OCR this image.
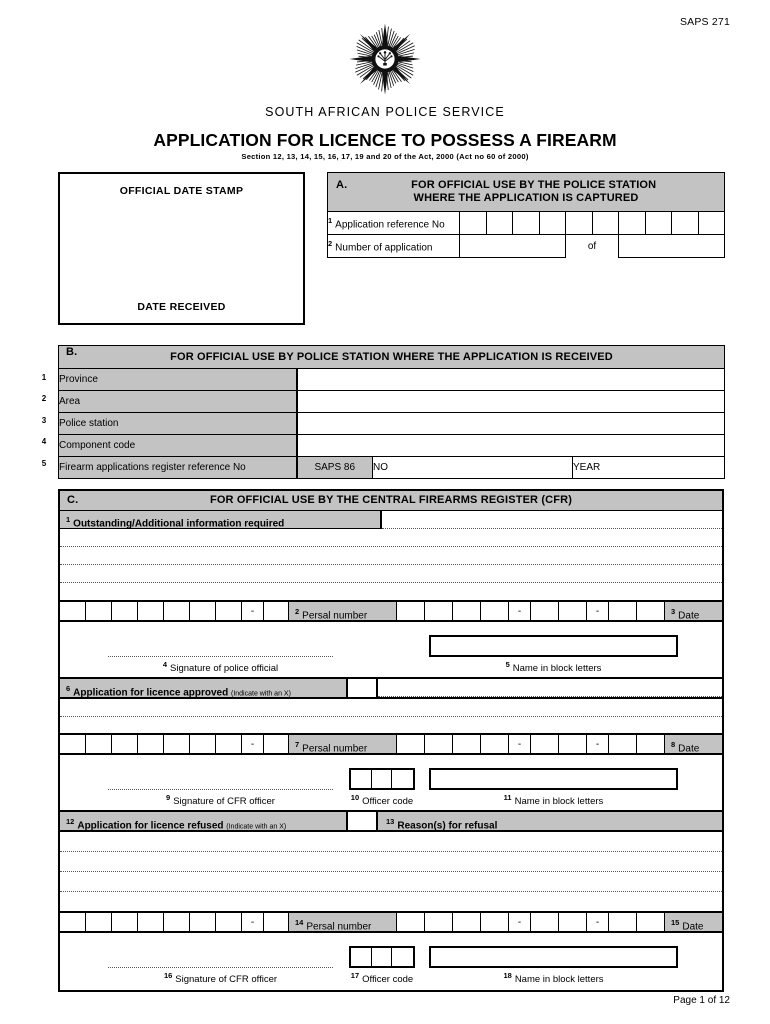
SAPS 271
SOUTH AFRICAN POLICE SERVICE
APPLICATION FOR LICENCE TO POSSESS A FIREARM
Section 12, 13, 14, 15, 16, 17, 19 and 20 of the Act, 2000 (Act no 60 of 2000)
OFFICIAL DATE STAMP
DATE RECEIVED
A. FOR OFFICIAL USE BY THE POLICE STATION
WHERE THE APPLICATION IS CAPTURED										

$^1$ Application reference No										
$^2$ Number of application					of					
1
2
3
4
5
B. FOR OFFICIAL USE BY POLICE STATION WHERE THE APPLICATION IS RECEIVED			
Province			
Area			
Police station			
Component code			
Firearm applications register reference No	SAPS 86	NO	YEAR
C.	FOR OFFICIAL USE BY THE CENTRAL FIREARMS REGISTER (CFR)
$^1$ Outstanding/Additional information required
-	$^2$ Persal number	-	-	$^3$ Date
$^4$ Signature of police official	$^5$ Name in block letters
$^6$ Application for licence approved (Indicate with an X)
-	$^7$ Persal number	-	-	$^8$ Date
$^9$ Signature of CFR officer	$^{10}$ Officer code	$^{11}$ Name in block letters
$^{12}$ Application for licence refused (Indicate with an X)
$^{13}$ Reason(s) for refusal
-	$^{14}$ Persal number	-	-	$^{15}$ Date
$^{16}$ Signature of CFR officer	$^{17}$ Officer code	$^{18}$ Name in block letters
Page 1 of 12
